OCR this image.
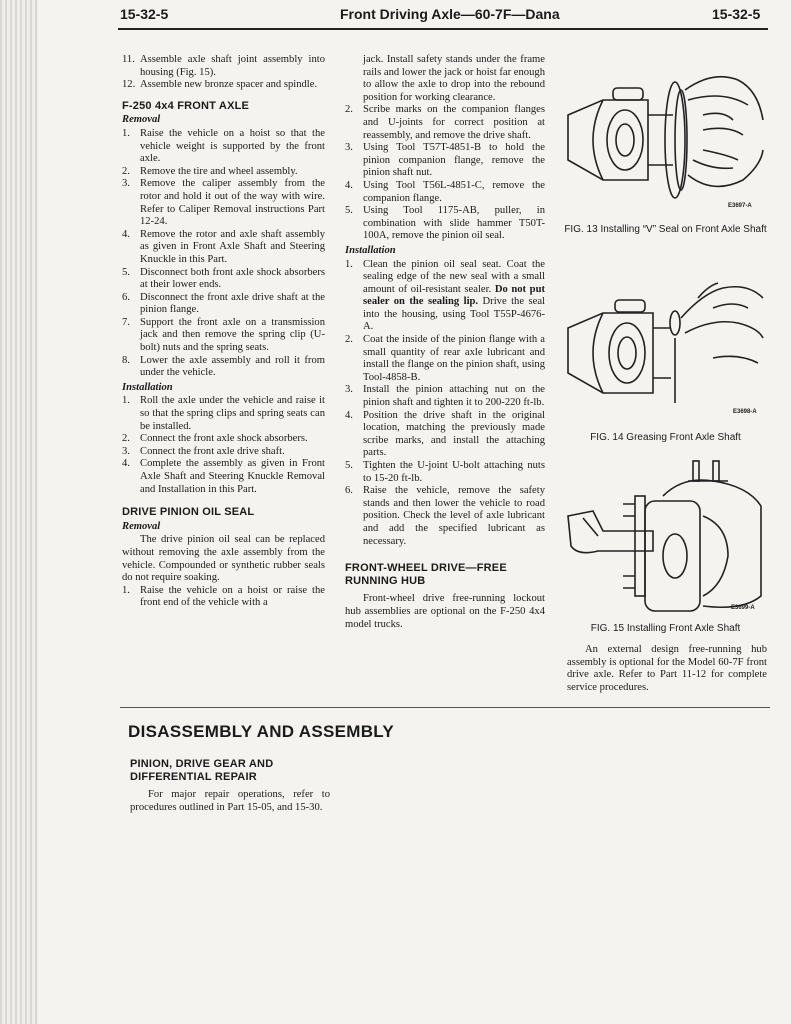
15-32-5	Front Driving Axle—60-7F—Dana	15-32-5
11. Assemble axle shaft joint assembly into housing (Fig. 15).
12. Assemble new bronze spacer and spindle.
F-250 4x4 FRONT AXLE
Removal
1. Raise the vehicle on a hoist so that the vehicle weight is supported by the front axle.
2. Remove the tire and wheel assembly.
3. Remove the caliper assembly from the rotor and hold it out of the way with wire. Refer to Caliper Removal instructions Part 12-24.
4. Remove the rotor and axle shaft assembly as given in Front Axle Shaft and Steering Knuckle in this Part.
5. Disconnect both front axle shock absorbers at their lower ends.
6. Disconnect the front axle drive shaft at the pinion flange.
7. Support the front axle on a transmission jack and then remove the spring clip (U-bolt) nuts and the spring seats.
8. Lower the axle assembly and roll it from under the vehicle.
Installation
1. Roll the axle under the vehicle and raise it so that the spring clips and spring seats can be installed.
2. Connect the front axle shock absorbers.
3. Connect the front axle drive shaft.
4. Complete the assembly as given in Front Axle Shaft and Steering Knuckle Removal and Installation in this Part.
DRIVE PINION OIL SEAL
Removal

The drive pinion oil seal can be replaced without removing the axle assembly from the vehicle. Compounded or synthetic rubber seals do not require soaking.

1. Raise the vehicle on a hoist or raise the front end of the vehicle with a

jack. Install safety stands under the frame rails and lower the jack or hoist far enough to allow the axle to drop into the rebound position for working clearance.

2. Scribe marks on the companion flanges and U-joints for correct position at reassembly, and remove the drive shaft.
3. Using Tool T57T-4851-B to hold the pinion companion flange, remove the pinion shaft nut.
4. Using Tool T56L-4851-C, remove the companion flange.
5. Using Tool 1175-AB, puller, in combination with slide hammer T50T-100A, remove the pinion oil seal.
Installation
1. Clean the pinion oil seal seat. Coat the sealing edge of the new seal with a small amount of oil-resistant sealer. Do not put sealer on the sealing lip. Drive the seal into the housing, using Tool T55P-4676-A.
2. Coat the inside of the pinion flange with a small quantity of rear axle lubricant and install the flange on the pinion shaft, using Tool-4858-B.
3. Install the pinion attaching nut on the pinion shaft and tighten it to 200-220 ft-lb.
4. Position the drive shaft in the original location, matching the previously made scribe marks, and install the attaching parts.
5. Tighten the U-joint U-bolt attaching nuts to 15-20 ft-lb.
6. Raise the vehicle, remove the safety stands and then lower the vehicle to road position. Check the level of axle lubricant and add the specified lubricant as necessary.
FRONT-WHEEL DRIVE—FREE RUNNING HUB

Front-wheel drive free-running lockout hub assemblies are optional on the F-250 4x4 model trucks.

E3697-A
FIG. 13 Installing “V” Seal on Front Axle Shaft
E3698-A
FIG. 14 Greasing Front Axle Shaft
E3699-A
FIG. 15 Installing Front Axle Shaft

An external design free-running hub assembly is optional for the Model 60-7F front drive axle. Refer to Part 11-12 for complete service procedures.

DISASSEMBLY AND ASSEMBLY
PINION, DRIVE GEAR AND DIFFERENTIAL REPAIR

For major repair operations, refer to procedures outlined in Part 15-05, and 15-30.
